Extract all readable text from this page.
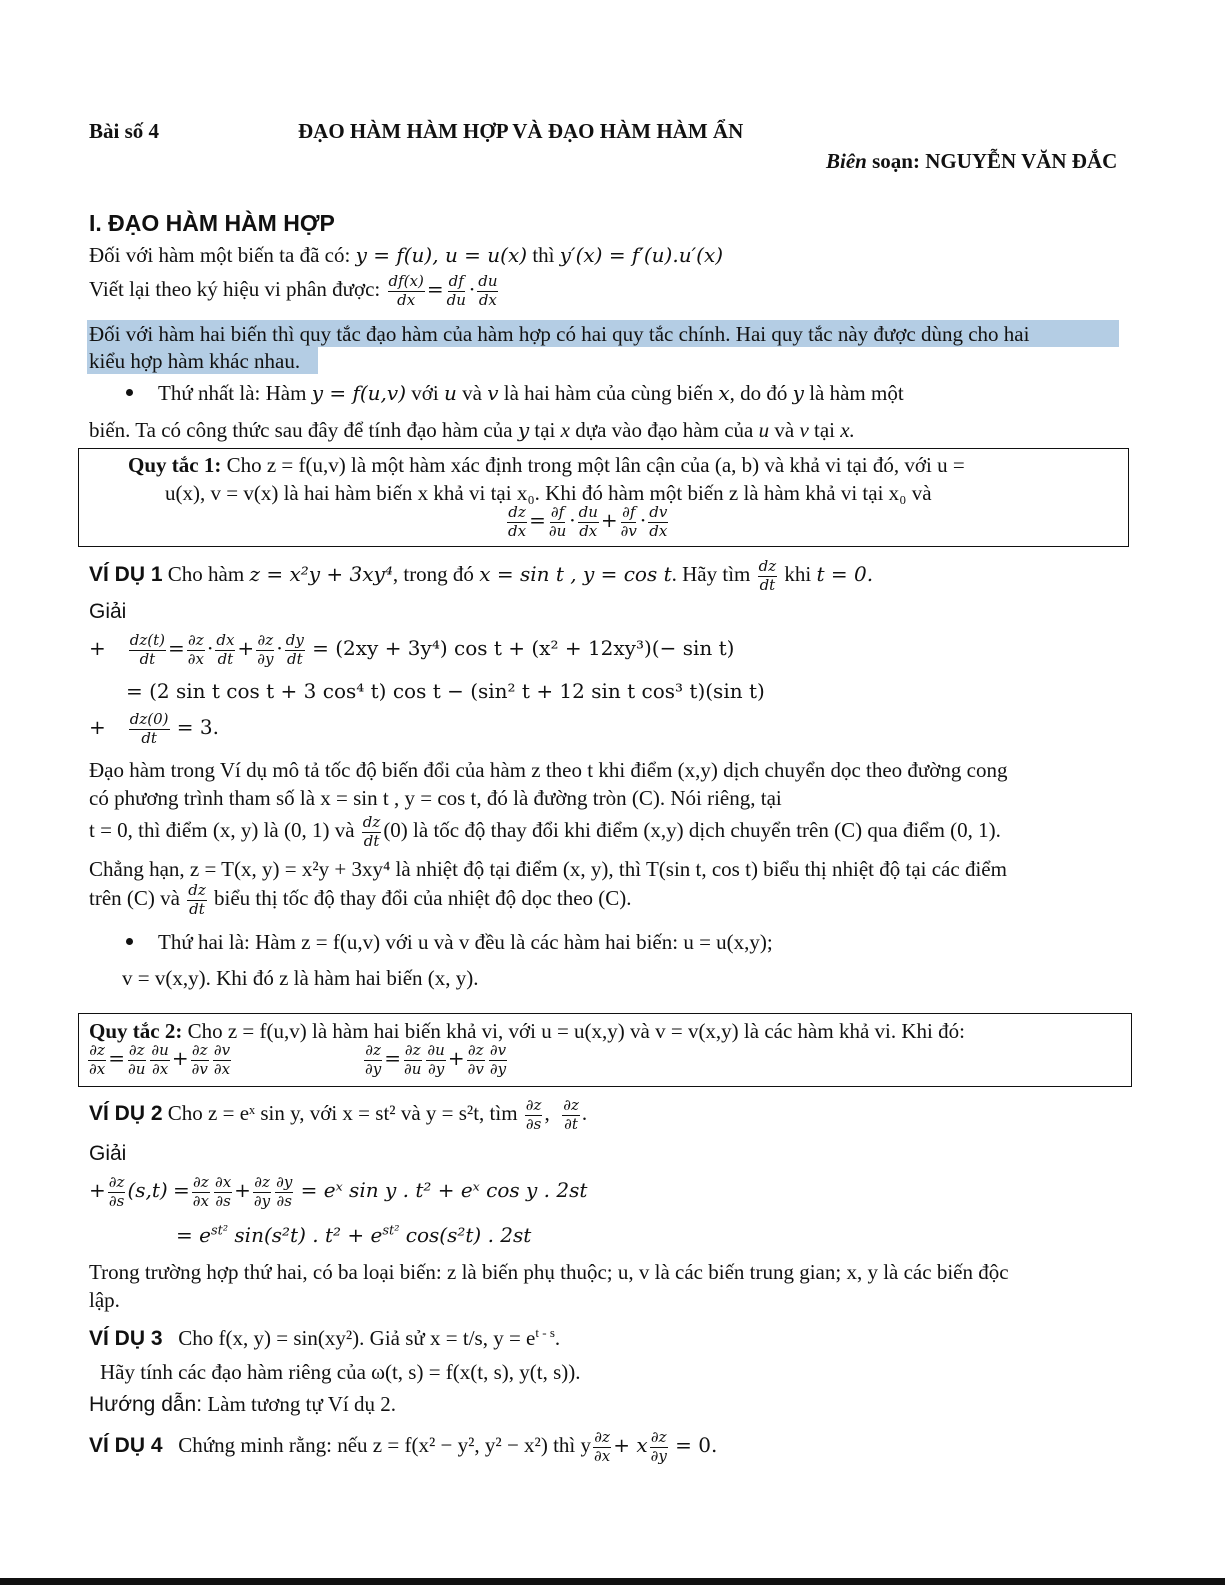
Bài số 4	ĐẠO HÀM HÀM HỢP VÀ ĐẠO HÀM HÀM ẨN
Biên soạn: NGUYỄN VĂN ĐẮC
I. ĐẠO HÀM HÀM HỢP
Đối với hàm một biến ta đã có: y = f(u), u = u(x) thì y′(x) = f′(u).u′(x)
Viết lại theo ký hiệu vi phân được: $\frac{df(x)}{dx} = \frac{df}{du} \cdot \frac{du}{dx}$
Đối với hàm hai biến thì quy tắc đạo hàm của hàm hợp có hai quy tắc chính. Hai quy tắc này được dùng cho hai
kiểu hợp hàm khác nhau.
Thứ nhất là: Hàm y = f(u,v) với u và v là hai hàm của cùng biến x, do đó y là hàm một
biến. Ta có công thức sau đây để tính đạo hàm của y tại x dựa vào đạo hàm của u và v tại x.
Quy tắc 1: Cho z = f(u,v) là một hàm xác định trong một lân cận của (a, b) và khả vi tại đó, với u =
u(x), v = v(x) là hai hàm biến x khả vi tại x₀. Khi đó hàm một biến z là hàm khả vi tại x₀ và
$\frac{dz}{dx} = \frac{\partial f}{\partial u} \cdot \frac{du}{dx} + \frac{\partial f}{\partial v} \cdot \frac{dv}{dx}$
VÍ DỤ 1 Cho hàm z = x²y + 3xy⁴, trong đó x = sin t , y = cos t. Hãy tìm $\frac{dz}{dt}$ khi t = 0.
Giải
+ $\frac{dz(t)}{dt} = \frac{\partial z}{\partial x} \cdot \frac{dx}{dt} + \frac{\partial z}{\partial y} \cdot \frac{dy}{dt} = (2xy + 3y^4)$ cos t + (x² + 12xy³)(− sin t)
= (2 sin t cos t + 3 cos⁴ t) cos t − (sin² t + 12 sin t cos³ t)(sin t)
+ $\frac{dz(0)}{dt} = 3$.
Đạo hàm trong Ví dụ mô tả tốc độ biến đổi của hàm z theo t khi điểm (x,y) dịch chuyển dọc theo đường cong
có phương trình tham số là x = sin t , y = cos t, đó là đường tròn (C). Nói riêng, tại
t = 0, thì điểm (x, y) là (0, 1) và $\frac{dz}{dt} (0)$ là tốc độ thay đổi khi điểm (x,y) dịch chuyển trên (C) qua điểm (0, 1).
Chẳng hạn, z = T(x, y) = x²y + 3xy⁴ là nhiệt độ tại điểm (x, y), thì T(sin t, cos t) biểu thị nhiệt độ tại các điểm
trên (C) và $\frac{dz}{dt}$ biểu thị tốc độ thay đổi của nhiệt độ dọc theo (C).
Thứ hai là: Hàm z = f(u,v) với u và v đều là các hàm hai biến: u = u(x,y);
v = v(x,y). Khi đó z là hàm hai biến (x, y).
Quy tắc 2: Cho z = f(u,v) là hàm hai biến khả vi, với u = u(x,y) và v = v(x,y) là các hàm khả vi. Khi đó:
$\frac{\partial z}{\partial x} = \frac{\partial z}{\partial u} \frac{\partial u}{\partial x} + \frac{\partial z}{\partial v} \frac{\partial v}{\partial x}$	$\frac{\partial z}{\partial y} = \frac{\partial z}{\partial u} \frac{\partial u}{\partial y} + \frac{\partial z}{\partial v} \frac{\partial v}{\partial y}$
VÍ DỤ 2 Cho z = eˣ sin y, với x = st² và y = s²t, tìm $\frac{\partial z}{\partial s}$ , $\frac{\partial z}{\partial t}$ .
Giải
+ $\frac{\partial z}{\partial s} (s,t) = \frac{\partial z}{\partial x} \frac{\partial x}{\partial s} + \frac{\partial z}{\partial y} \frac{\partial y}{\partial s}$ = eˣ sin y . t² + eˣ cos y . 2st
= $e^{st^2}$ sin(s²t) . $t^2 + e^{st^2}$ cos(s²t) . 2st
Trong trường hợp thứ hai, có ba loại biến: z là biến phụ thuộc; u, v là các biến trung gian; x, y là các biến độc
lập.
VÍ DỤ 3 Cho f(x, y) = sin(xy²). Giả sử x = t/s, $y = e^{t - s}$.
Hãy tính các đạo hàm riêng của ω(t, s) = f(x(t, s), y(t, s)).
Hướng dẫn: Làm tương tự Ví dụ 2.
VÍ DỤ 4 Chứng minh rằng: nếu z = f(x² − y², y² − x²) thì y $\frac{\partial z}{\partial x} + x \frac{\partial z}{\partial y} = 0$.
